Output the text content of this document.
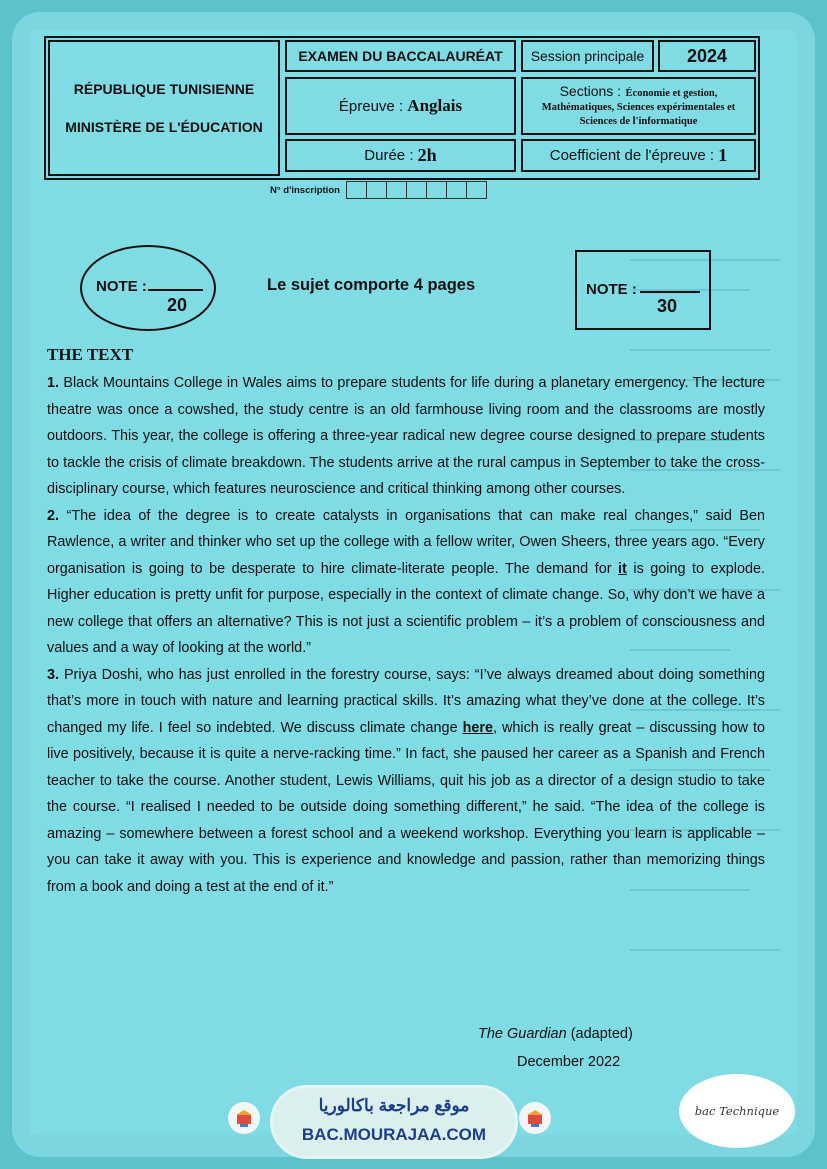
RÉPUBLIQUE TUNISIENNE
MINISTÈRE DE L'ÉDUCATION
EXAMEN DU BACCALAURÉAT	Session principale	2024
Épreuve :
Anglais
Sections : Économie et gestion,
Mathématiques, Sciences expérimentales et
Sciences de l'informatique
Durée :
2h	Coefficient de l'épreuve :
1
N° d'inscription
NOTE :
20
Le sujet comporte 4 pages	NOTE :
30
THE TEXT

1. Black Mountains College in Wales aims to prepare students for life during a planetary emergency. The lecture theatre was once a cowshed, the study centre is an old farmhouse living room and the classrooms are mostly outdoors. This year, the college is offering a three-year radical new degree course designed to prepare students to tackle the crisis of climate breakdown. The students arrive at the rural campus in September to take the cross-disciplinary course, which features neuroscience and critical thinking among other courses.

2. “The idea of the degree is to create catalysts in organisations that can make real changes,” said Ben Rawlence, a writer and thinker who set up the college with a fellow writer, Owen Sheers, three years ago. “Every organisation is going to be desperate to hire climate-literate people. The demand for it is going to explode. Higher education is pretty unfit for purpose, especially in the context of climate change. So, why don’t we have a new college that offers an alternative? This is not just a scientific problem – it’s a problem of consciousness and values and a way of looking at the world.”

3. Priya Doshi, who has just enrolled in the forestry course, says: “I’ve always dreamed about doing something that’s more in touch with nature and learning practical skills. It’s amazing what they’ve done at the college. It’s changed my life. I feel so indebted. We discuss climate change here, which is really great – discussing how to live positively, because it is quite a nerve-racking time.” In fact, she paused her career as a Spanish and French teacher to take the course. Another student, Lewis Williams, quit his job as a director of a design studio to take the course. “I realised I needed to be outside doing something different,” he said. “The idea of the college is amazing – somewhere between a forest school and a weekend workshop. Everything you learn is applicable – you can take it away with you. This is experience and knowledge and passion, rather than memorizing things from a book and doing a test at the end of it.”

The Guardian (adapted)
December 2022
موقع مراجعة باكالوريا
BAC.MOURAJAA.COM
bac Technique
